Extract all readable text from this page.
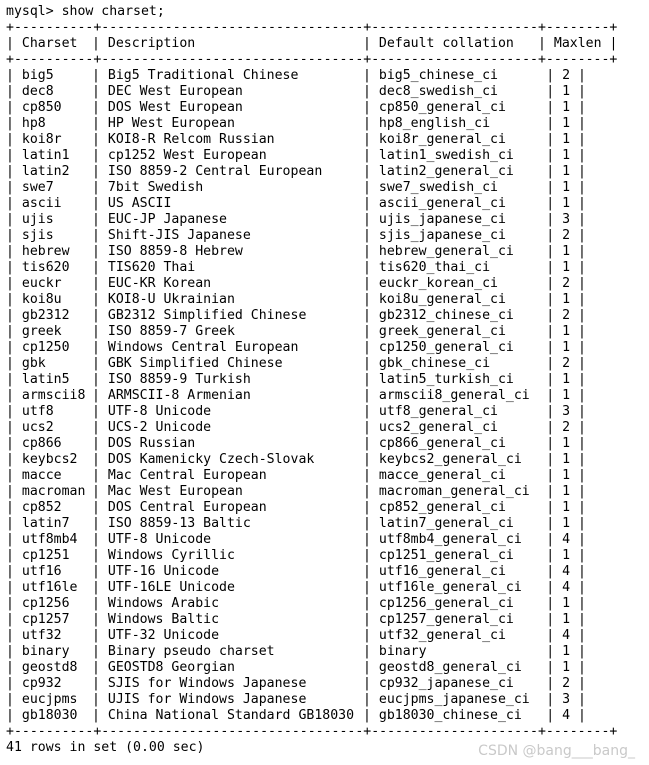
mysql> show charset;
+----------+---------------------------------+---------------------+--------+
| Charset | Description	| Default collation | Maxlen |
+----------+---------------------------------+---------------------+--------+
| big5	| Big5 Traditional Chinese	| big5_chinese_ci	| 2 |
| dec8	| DEC West European	| dec8_swedish_ci	| 1 |
| cp850 | DOS West European	| cp850_general_ci	| 1 |
| hp8	| HP West European	| hp8_english_ci	| 1 |
| koi8r | KOI8-R Relcom Russian	| koi8r_general_ci	| 1 |
| latin1 | cp1252 West European	| latin1_swedish_ci | 1 |
| latin2 | ISO 8859-2 Central European	| latin2_general_ci | 1 |
| swe7	| 7bit Swedish	| swe7_swedish_ci	| 1 |
| ascii | US ASCII	| ascii_general_ci	| 1 |
| ujis	| EUC-JP Japanese	| ujis_japanese_ci	| 3 |
| sjis	| Shift-JIS Japanese	| sjis_japanese_ci	| 2 |
| hebrew | ISO 8859-8 Hebrew	| hebrew_general_ci | 1 |
| tis620 | TIS620 Thai	| tis620_thai_ci	| 1 |
| euckr | EUC-KR Korean	| euckr_korean_ci	| 2 |
| koi8u | KOI8-U Ukrainian	| koi8u_general_ci	| 1 |
| gb2312 | GB2312 Simplified Chinese	| gb2312_chinese_ci | 2 |
| greek | ISO 8859-7 Greek	| greek_general_ci	| 1 |
| cp1250 | Windows Central European	| cp1250_general_ci | 1 |
| gbk	| GBK Simplified Chinese	| gbk_chinese_ci	| 2 |
| latin5 | ISO 8859-9 Turkish	| latin5_turkish_ci | 1 |
| armscii8 | ARMSCII-8 Armenian	| armscii8_general_ci | 1 |
| utf8	| UTF-8 Unicode	| utf8_general_ci	| 3 |
| ucs2	| UCS-2 Unicode	| ucs2_general_ci	| 2 |
| cp866 | DOS Russian	| cp866_general_ci	| 1 |
| keybcs2 | DOS Kamenicky Czech-Slovak	| keybcs2_general_ci | 1 |
| macce | Mac Central European	| macce_general_ci	| 1 |
| macroman | Mac West European	| macroman_general_ci | 1 |
| cp852 | DOS Central European	| cp852_general_ci	| 1 |
| latin7 | ISO 8859-13 Baltic	| latin7_general_ci | 1 |
| utf8mb4 | UTF-8 Unicode	| utf8mb4_general_ci | 4 |
| cp1251 | Windows Cyrillic	| cp1251_general_ci | 1 |
| utf16 | UTF-16 Unicode	| utf16_general_ci	| 4 |
| utf16le | UTF-16LE Unicode	| utf16le_general_ci | 4 |
| cp1256 | Windows Arabic	| cp1256_general_ci | 1 |
| cp1257 | Windows Baltic	| cp1257_general_ci | 1 |
| utf32 | UTF-32 Unicode	| utf32_general_ci	| 4 |
| binary | Binary pseudo charset	| binary	| 1 |
| geostd8 | GEOSTD8 Georgian	| geostd8_general_ci | 1 |
| cp932 | SJIS for Windows Japanese	| cp932_japanese_ci | 2 |
| eucjpms | UJIS for Windows Japanese	| eucjpms_japanese_ci | 3 |
| gb18030 | China National Standard GB18030 | gb18030_chinese_ci | 4 |
+----------+---------------------------------+---------------------+--------+
41 rows in set (0.00 sec)	CSDN @bang___bang_
